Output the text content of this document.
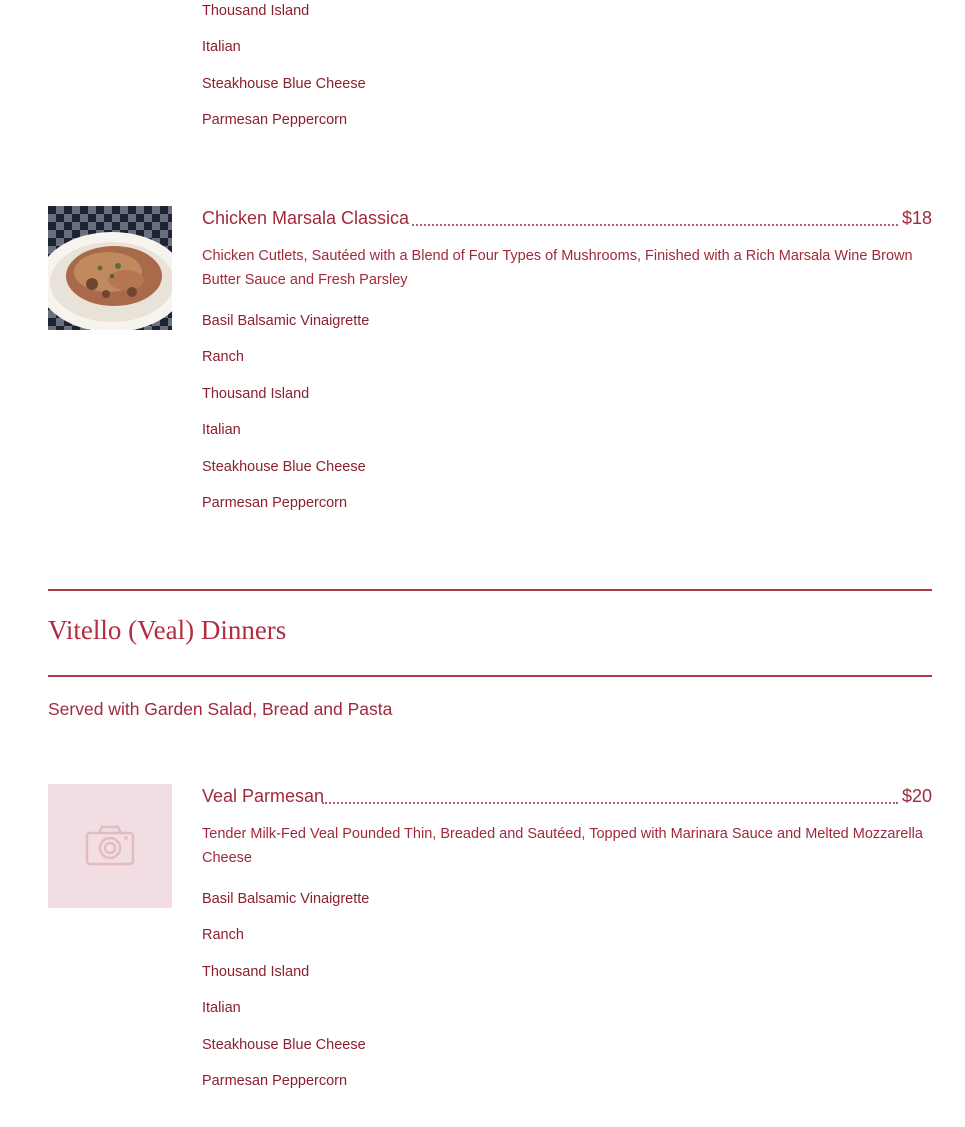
Thousand Island
Italian
Steakhouse Blue Cheese
Parmesan Peppercorn
Chicken Marsala Classica	$18
Chicken Cutlets, Sautéed with a Blend of Four Types of Mushrooms, Finished with a Rich Marsala Wine Brown Butter Sauce and Fresh Parsley
Basil Balsamic Vinaigrette
Ranch
Thousand Island
Italian
Steakhouse Blue Cheese
Parmesan Peppercorn
Vitello (Veal) Dinners
Served with Garden Salad, Bread and Pasta
Veal Parmesan	$20
Tender Milk-Fed Veal Pounded Thin, Breaded and Sautéed, Topped with Marinara Sauce and Melted Mozzarella Cheese
Basil Balsamic Vinaigrette
Ranch
Thousand Island
Italian
Steakhouse Blue Cheese
Parmesan Peppercorn
